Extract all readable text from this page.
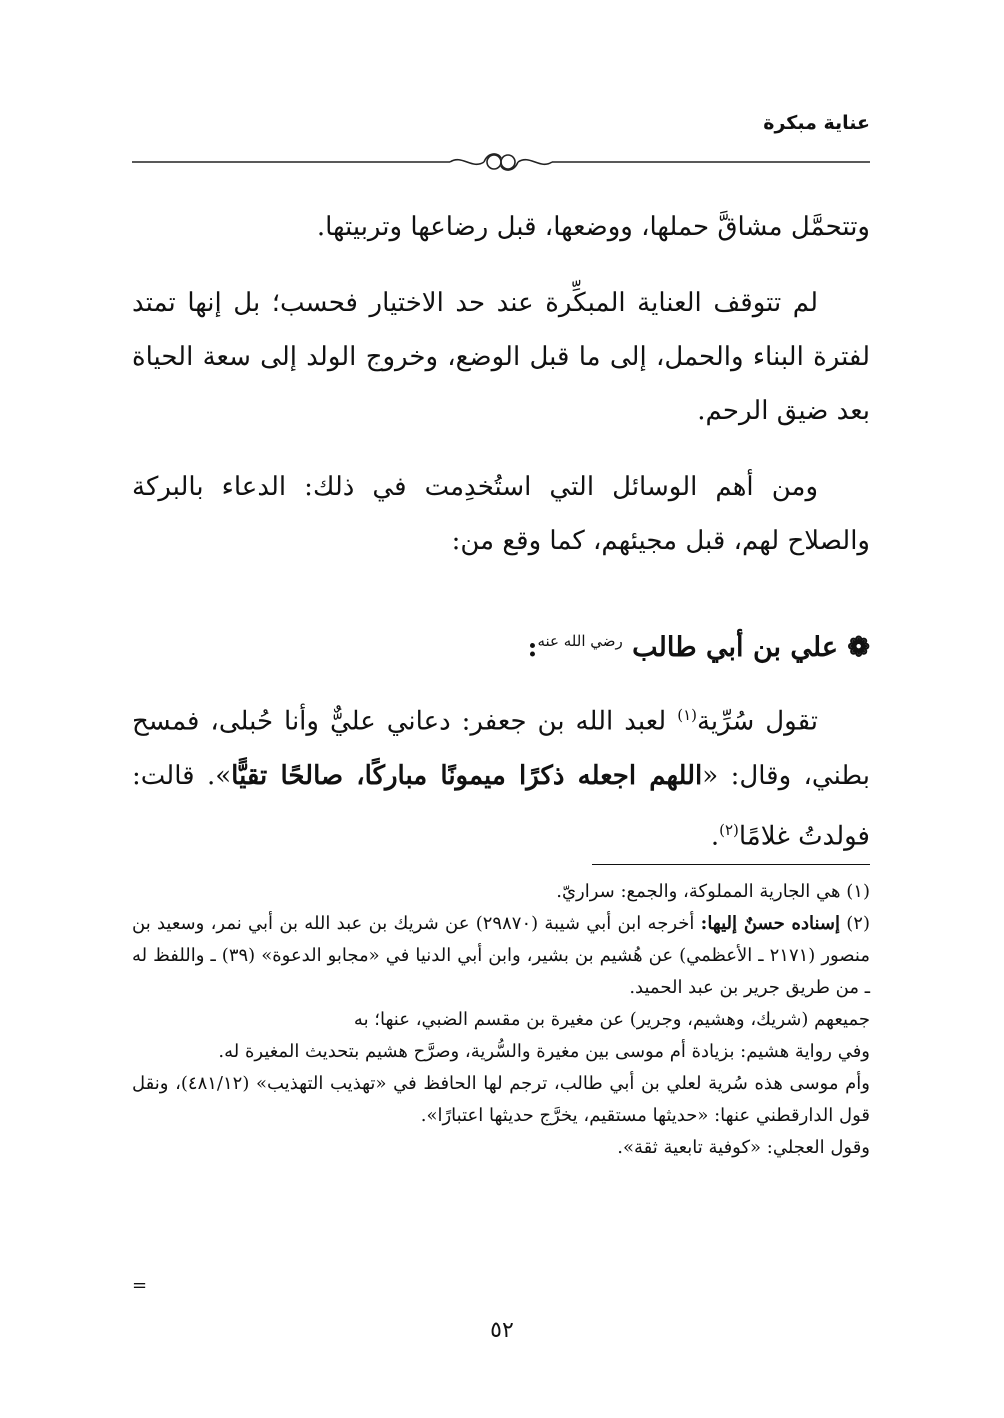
عناية مبكرة

وتتحمَّل مشاقَّ حملها، ووضعها، قبل رضاعها وتربيتها.

لم تتوقف العناية المبكِّرة عند حد الاختيار فحسب؛ بل إنها تمتد لفترة البناء والحمل، إلى ما قبل الوضع، وخروج الولد إلى سعة الحياة بعد ضيق الرحم.

ومن أهم الوسائل التي استُخدِمت في ذلك: الدعاء بالبركة والصلاح لهم، قبل مجيئهم، كما وقع من:

❁ علي بن أبي طالب $^{رضي الله عنه}$:

تقول سُرِّية$^{(١)}$ لعبد الله بن جعفر: دعاني عليٌّ وأنا حُبلى، فمسح بطني، وقال: «اللهم اجعله ذكرًا ميمونًا مباركًا، صالحًا تقيًّا». قالت: فولدتُ غلامًا$^{(٢)}$.

(١) هي الجارية المملوكة، والجمع: سراريّ.

(٢) إسناده حسنٌ إليها: أخرجه ابن أبي شيبة (٢٩٨٧٠) عن شريك بن عبد الله بن أبي نمر، وسعيد بن منصور (٢١٧١ ـ الأعظمي) عن هُشيم بن بشير، وابن أبي الدنيا في «مجابو الدعوة» (٣٩) ـ واللفظ له ـ من طريق جرير بن عبد الحميد.

جميعهم (شريك، وهشيم، وجرير) عن مغيرة بن مقسم الضبي، عنها؛ به

وفي رواية هشيم: بزيادة أم موسى بين مغيرة والسُّرية، وصرَّح هشيم بتحديث المغيرة له.

وأم موسى هذه سُرية لعلي بن أبي طالب، ترجم لها الحافظ في «تهذيب التهذيب» (٤٨١/١٢)، ونقل قول الدارقطني عنها: «حديثها مستقيم، يخرَّج حديثها اعتبارًا».

وقول العجلي: «كوفية تابعية ثقة».

=
٥٢
